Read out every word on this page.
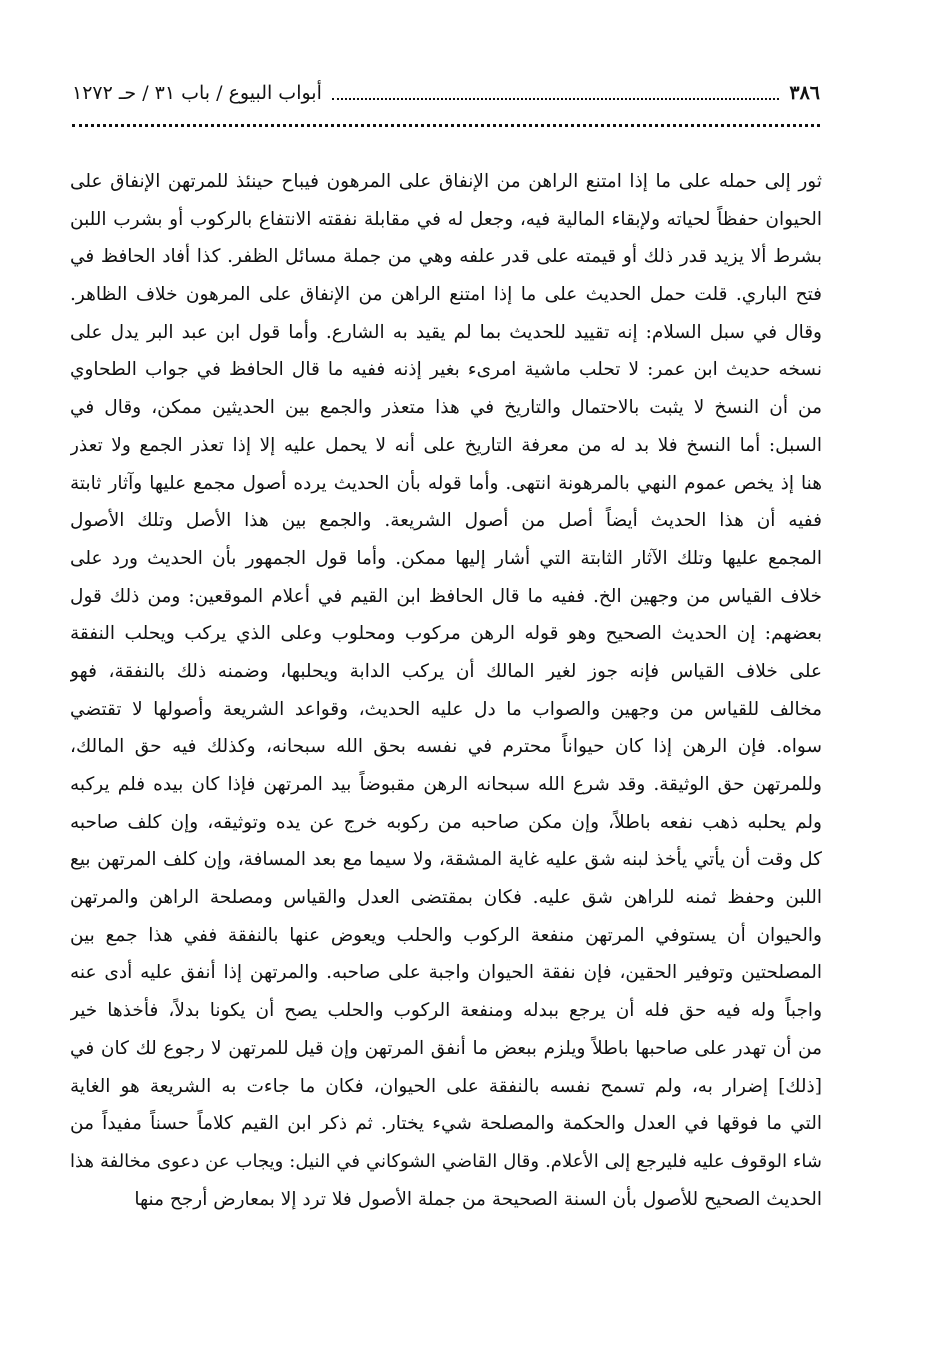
٣٨٦
أبواب البيوع / باب ٣١ / حـ ١٢٧٢
ثور إلى حمله على ما إذا امتنع الراهن من الإنفاق على المرهون فيباح حينئذ للمرتهن الإنفاق على
الحيوان حفظاً لحياته ولإبقاء المالية فيه، وجعل له في مقابلة نفقته الانتفاع بالركوب أو بشرب اللبن
بشرط ألا يزيد قدر ذلك أو قيمته على قدر علفه وهي من جملة مسائل الظفر. كذا أفاد الحافظ في
فتح الباري. قلت حمل الحديث على ما إذا امتنع الراهن من الإنفاق على المرهون خلاف الظاهر.
وقال في سبل السلام: إنه تقييد للحديث بما لم يقيد به الشارع. وأما قول ابن عبد البر يدل على
نسخه حديث ابن عمر: لا تحلب ماشية امرىء بغير إذنه ففيه ما قال الحافظ في جواب الطحاوي
من أن النسخ لا يثبت بالاحتمال والتاريخ في هذا متعذر والجمع بين الحديثين ممكن، وقال في
السبل: أما النسخ فلا بد له من معرفة التاريخ على أنه لا يحمل عليه إلا إذا تعذر الجمع ولا تعذر
هنا إذ يخص عموم النهي بالمرهونة انتهى. وأما قوله بأن الحديث يرده أصول مجمع عليها وآثار ثابتة
ففيه أن هذا الحديث أيضاً أصل من أصول الشريعة. والجمع بين هذا الأصل وتلك الأصول
المجمع عليها وتلك الآثار الثابتة التي أشار إليها ممكن. وأما قول الجمهور بأن الحديث ورد على
خلاف القياس من وجهين الخ. ففيه ما قال الحافظ ابن القيم في أعلام الموقعين: ومن ذلك قول
بعضهم: إن الحديث الصحيح وهو قوله الرهن مركوب ومحلوب وعلى الذي يركب ويحلب النفقة
على خلاف القياس فإنه جوز لغير المالك أن يركب الدابة ويحلبها، وضمنه ذلك بالنفقة، فهو
مخالف للقياس من وجهين والصواب ما دل عليه الحديث، وقواعد الشريعة وأصولها لا تقتضي
سواه. فإن الرهن إذا كان حيواناً محترم في نفسه بحق الله سبحانه، وكذلك فيه حق المالك،
وللمرتهن حق الوثيقة. وقد شرع الله سبحانه الرهن مقبوضاً بيد المرتهن فإذا كان بيده فلم يركبه
ولم يحلبه ذهب نفعه باطلاً، وإن مكن صاحبه من ركوبه خرج عن يده وتوثيقه، وإن كلف صاحبه
كل وقت أن يأتي يأخذ لبنه شق عليه غاية المشقة، ولا سيما مع بعد المسافة، وإن كلف المرتهن بيع
اللبن وحفظ ثمنه للراهن شق عليه. فكان بمقتضى العدل والقياس ومصلحة الراهن والمرتهن
والحيوان أن يستوفي المرتهن منفعة الركوب والحلب ويعوض عنها بالنفقة ففي هذا جمع بين
المصلحتين وتوفير الحقين، فإن نفقة الحيوان واجبة على صاحبه. والمرتهن إذا أنفق عليه أدى عنه
واجباً وله فيه حق فله أن يرجع ببدله ومنفعة الركوب والحلب يصح أن يكونا بدلاً، فأخذها خير
من أن تهدر على صاحبها باطلاً ويلزم ببعض ما أنفق المرتهن وإن قيل للمرتهن لا رجوع لك كان في
[ذلك] إضرار به، ولم تسمح نفسه بالنفقة على الحيوان، فكان ما جاءت به الشريعة هو الغاية
التي ما فوقها في العدل والحكمة والمصلحة شيء يختار. ثم ذكر ابن القيم كلاماً حسناً مفيداً من
شاء الوقوف عليه فليرجع إلى الأعلام. وقال القاضي الشوكاني في النيل: ويجاب عن دعوى مخالفة هذا
الحديث الصحيح للأصول بأن السنة الصحيحة من جملة الأصول فلا ترد إلا بمعارض أرجح منها
